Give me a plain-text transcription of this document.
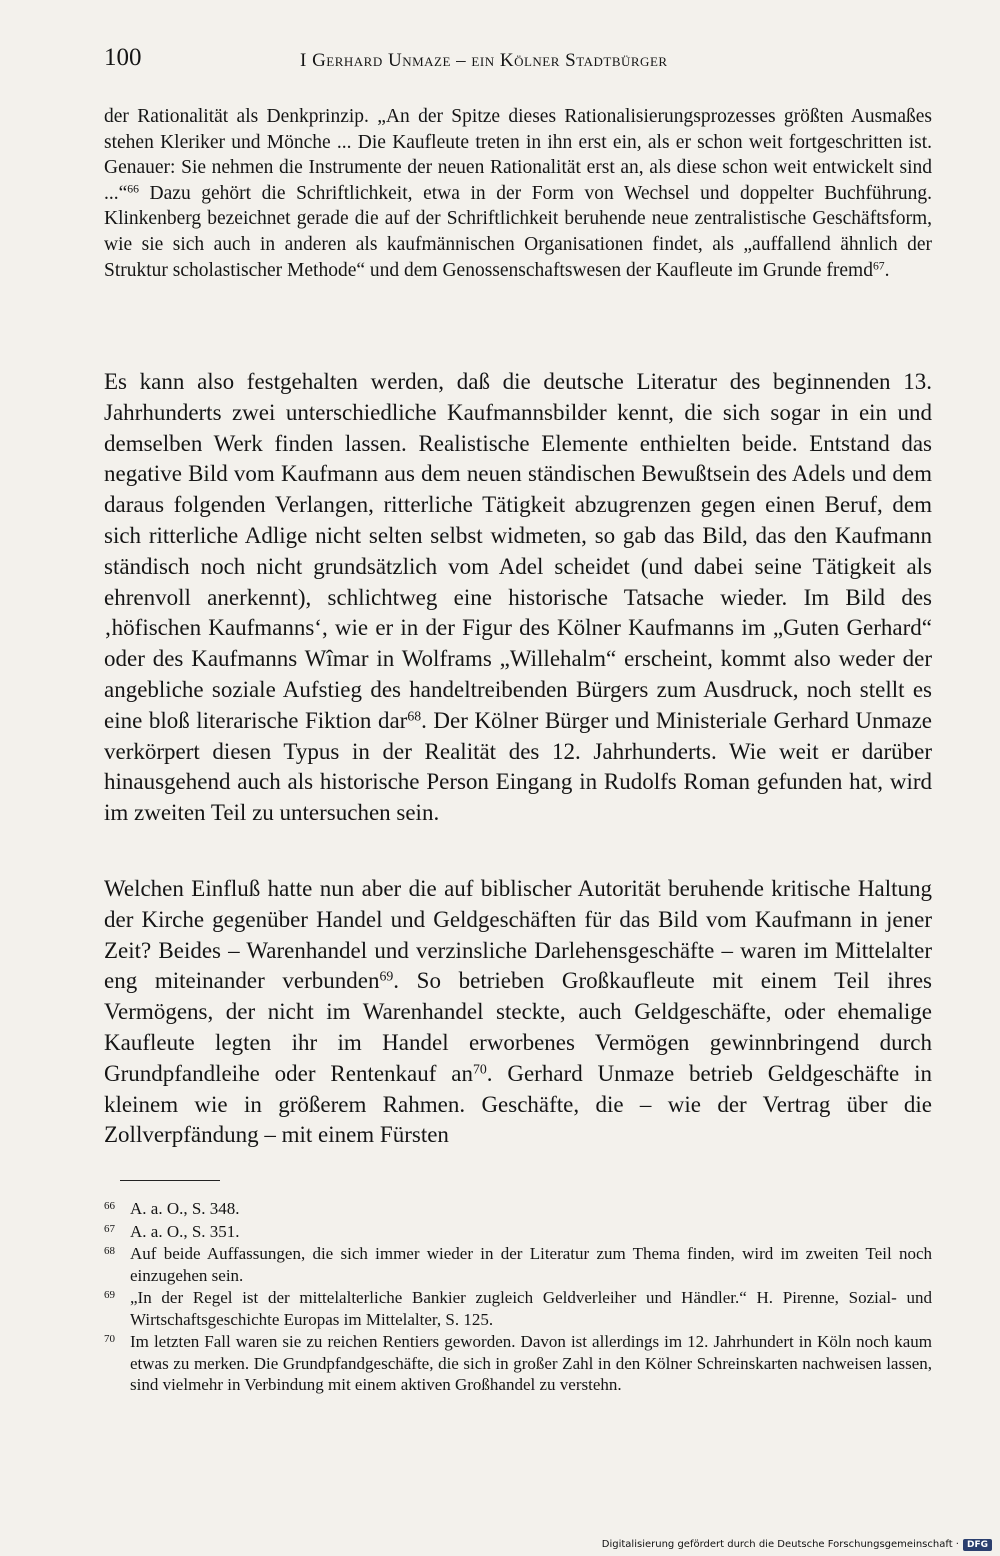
100	I Gerhard Unmaze – ein Kölner Stadtbürger

der Rationalität als Denkprinzip. „An der Spitze dieses Rationalisierungsprozesses größten Ausmaßes stehen Kleriker und Mönche ... Die Kaufleute treten in ihn erst ein, als er schon weit fortgeschritten ist. Genauer: Sie nehmen die Instrumente der neuen Rationalität erst an, als diese schon weit entwickelt sind ...“$^{66}$ Dazu gehört die Schriftlichkeit, etwa in der Form von Wechsel und doppelter Buchführung. Klinkenberg bezeichnet gerade die auf der Schriftlichkeit beruhende neue zentralistische Geschäftsform, wie sie sich auch in anderen als kaufmännischen Organisationen findet, als „auffallend ähnlich der Struktur scholastischer Methode“ und dem Genossenschaftswesen der Kaufleute im Grunde fremd$^{67}$.

Es kann also festgehalten werden, daß die deutsche Literatur des beginnenden 13. Jahrhunderts zwei unterschiedliche Kaufmannsbilder kennt, die sich sogar in ein und demselben Werk finden lassen. Realistische Elemente enthielten beide. Entstand das negative Bild vom Kaufmann aus dem neuen ständischen Bewußtsein des Adels und dem daraus folgenden Verlangen, ritterliche Tätigkeit abzugrenzen gegen einen Beruf, dem sich ritterliche Adlige nicht selten selbst widmeten, so gab das Bild, das den Kaufmann ständisch noch nicht grundsätzlich vom Adel scheidet (und dabei seine Tätigkeit als ehrenvoll anerkennt), schlichtweg eine historische Tatsache wieder. Im Bild des ‚höfischen Kaufmanns‘, wie er in der Figur des Kölner Kaufmanns im „Guten Gerhard“ oder des Kaufmanns Wîmar in Wolframs „Willehalm“ erscheint, kommt also weder der angebliche soziale Aufstieg des handeltreibenden Bürgers zum Ausdruck, noch stellt es eine bloß literarische Fiktion dar$^{68}$. Der Kölner Bürger und Ministeriale Gerhard Unmaze verkörpert diesen Typus in der Realität des 12. Jahrhunderts. Wie weit er darüber hinausgehend auch als historische Person Eingang in Rudolfs Roman gefunden hat, wird im zweiten Teil zu untersuchen sein.

Welchen Einfluß hatte nun aber die auf biblischer Autorität beruhende kritische Haltung der Kirche gegenüber Handel und Geldgeschäften für das Bild vom Kaufmann in jener Zeit? Beides – Warenhandel und verzinsliche Darlehensgeschäfte – waren im Mittelalter eng miteinander verbunden$^{69}$. So betrieben Großkaufleute mit einem Teil ihres Vermögens, der nicht im Warenhandel steckte, auch Geldgeschäfte, oder ehemalige Kaufleute legten ihr im Handel erworbenes Vermögen gewinnbringend durch Grundpfandleihe oder Rentenkauf $an^{70}$. Gerhard Unmaze betrieb Geldgeschäfte in kleinem wie in größerem Rahmen. Geschäfte, die – wie der Vertrag über die Zollverpfändung – mit einem Fürsten

66 A. a. O., S. 348.
67 A. a. O., S. 351.
68 Auf beide Auffassungen, die sich immer wieder in der Literatur zum Thema finden, wird im zweiten Teil noch einzugehen sein.
69 „In der Regel ist der mittelalterliche Bankier zugleich Geldverleiher und Händler.“ H. Pirenne, Sozial- und Wirtschaftsgeschichte Europas im Mittelalter, S. 125.
70 Im letzten Fall waren sie zu reichen Rentiers geworden. Davon ist allerdings im 12. Jahrhundert in Köln noch kaum etwas zu merken. Die Grundpfandgeschäfte, die sich in großer Zahl in den Kölner Schreinskarten nachweisen lassen, sind vielmehr in Verbindung mit einem aktiven Großhandel zu verstehn.
Digitalisierung gefördert durch die Deutsche Forschungsgemeinschaft · DFG
